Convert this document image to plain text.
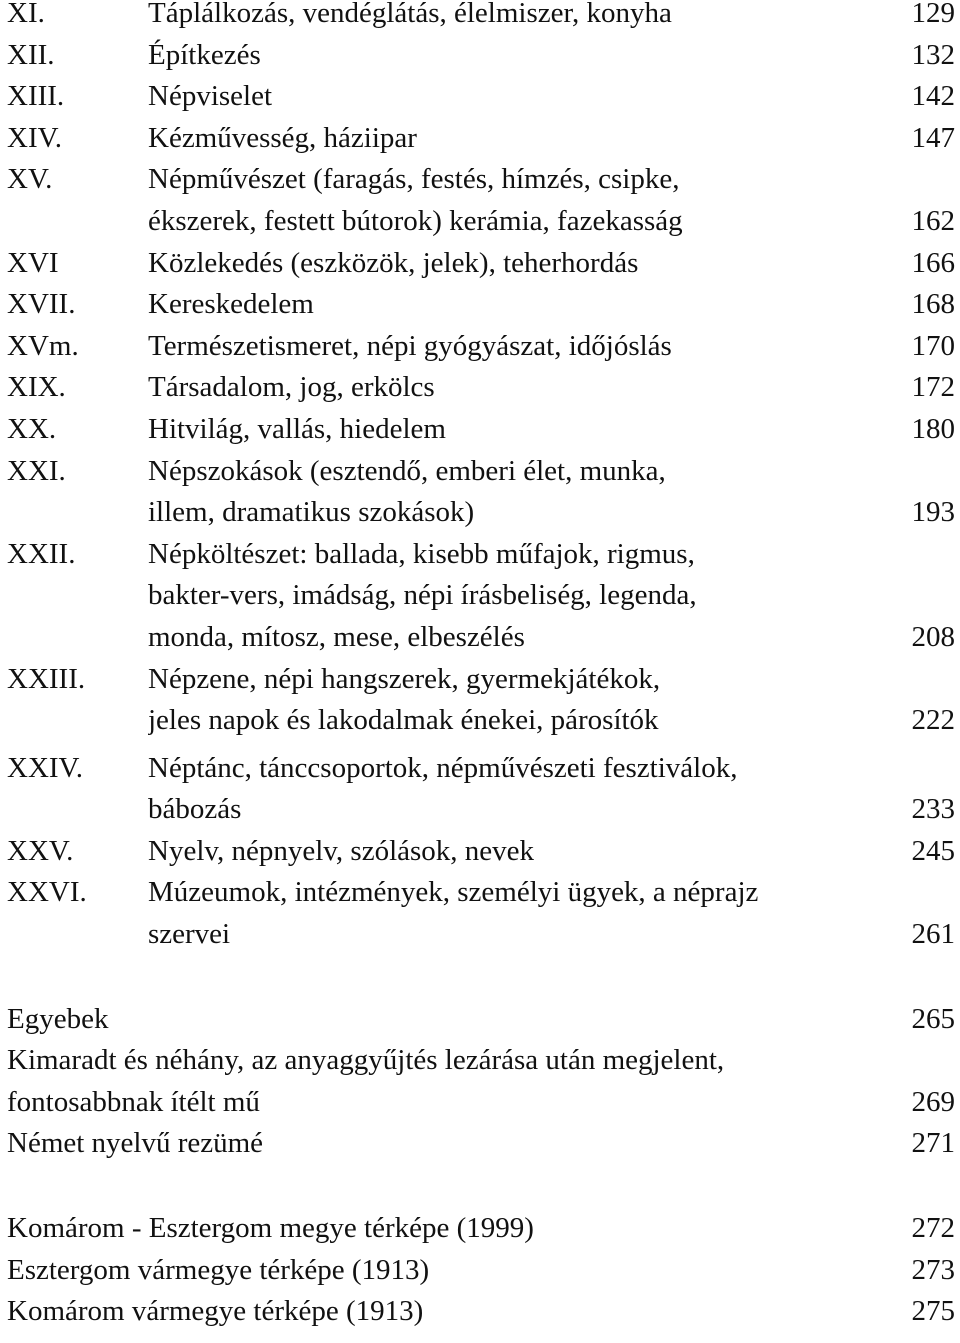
XI.	Táplálkozás, vendéglátás, élelmiszer, konyha	129
XII.	Építkezés	132
XIII.	Népviselet	142
XIV.	Kézművesség, háziipar	147
XV.	Népművészet (faragás, festés, hímzés, csipke,
ékszerek, festett bútorok) kerámia, fazekasság	162
XVI	Közlekedés (eszközök, jelek), teherhordás	166
XVII.	Kereskedelem	168
XVm.	Természetismeret, népi gyógyászat, időjóslás	170
XIX.	Társadalom, jog, erkölcs	172
XX.	Hitvilág, vallás, hiedelem	180
XXI.	Népszokások (esztendő, emberi élet, munka,
illem, dramatikus szokások)	193
XXII.	Népköltészet: ballada, kisebb műfajok, rigmus,
bakter-vers, imádság, népi írásbeliség, legenda,
monda, mítosz, mese, elbeszélés	208
XXIII.	Népzene, népi hangszerek, gyermekjátékok,
jeles napok és lakodalmak énekei, párosítók	222
XXIV.	Néptánc, tánccsoportok, népművészeti fesztiválok,
bábozás	233
XXV.	Nyelv, népnyelv, szólások, nevek	245
XXVI.	Múzeumok, intézmények, személyi ügyek, a néprajz
szervei	261
Egyebek	265
Kimaradt és néhány, az anyaggyűjtés lezárása után megjelent,
fontosabbnak ítélt mű	269
Német nyelvű rezümé	271
Komárom - Esztergom megye térképe (1999)	272
Esztergom vármegye térképe (1913)	273
Komárom vármegye térképe (1913)	275
